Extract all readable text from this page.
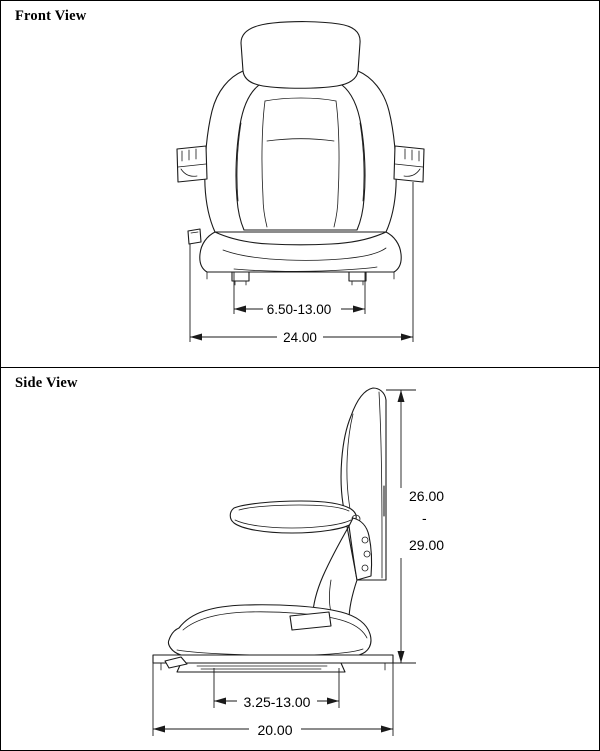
Front View
6.50-13.00
24.00
Side View
26.00
-
29.00
3.25-13.00
20.00
